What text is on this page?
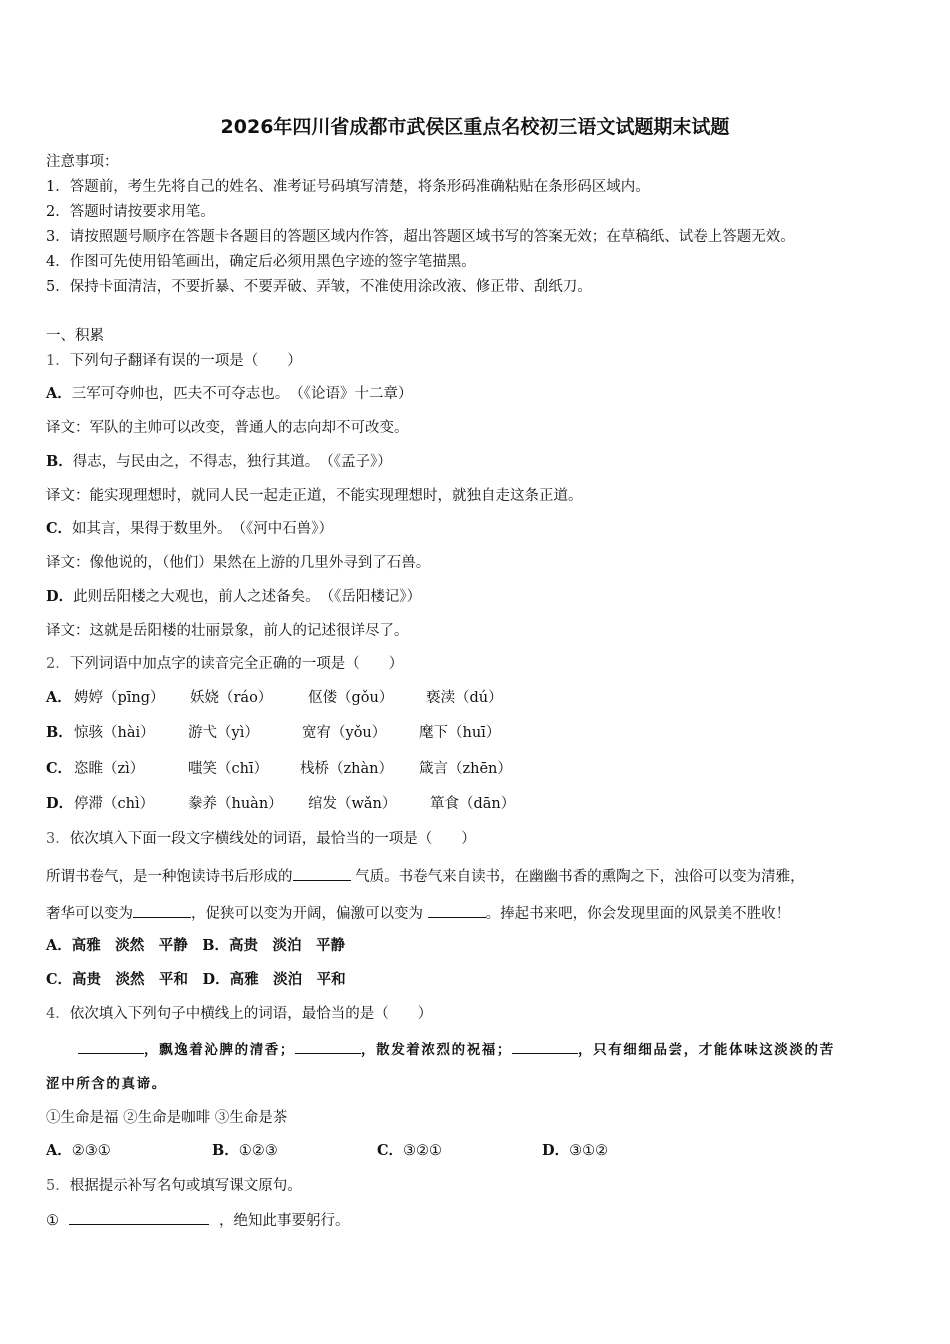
2026年四川省成都市武侯区重点名校初三语文试题期末试题
注意事项：
1．答题前，考生先将自己的姓名、准考证号码填写清楚，将条形码准确粘贴在条形码区域内。
2．答题时请按要求用笔。
3．请按照题号顺序在答题卡各题目的答题区域内作答，超出答题区域书写的答案无效；在草稿纸、试卷上答题无效。
4．作图可先使用铅笔画出，确定后必须用黑色字迹的签字笔描黑。
5．保持卡面清洁，不要折暴、不要弄破、弄皱，不准使用涂改液、修正带、刮纸刀。
一、积累
1．下列句子翻译有误的一项是（　　）
A．三军可夺帅也，匹夫不可夺志也。　（《论语》十二章）
译文：军队的主帅可以改变，普通人的志向却不可改变。
B．得志，与民由之，不得志，独行其道。　（《孟子》）
译文：能实现理想时，就同人民一起走正道，不能实现理想时，就独自走这条正道。
C．如其言，果得于数里外。　（《河中石兽》）
译文：像他说的，（他们）果然在上游的几里外寻到了石兽。
D．此则岳阳楼之大观也，前人之述备矣。　（《岳阳楼记》）
译文：这就是岳阳楼的壮丽景象，前人的记述很详尽了。
2．下列词语中加点字的读音完全正确的一项是（　　）
A． 娉婷（pīng） 妖娆（ráo） 伛偻（gǒu） 亵渎（dú）
B． 惊骇（hài） 游弋（yì）	宽宥（yǒu） 麾下（huī）
C． 恣睢（zì）	嗤笑（chī） 栈桥（zhàn） 箴言（zhēn）
D． 停滞（chì） 豢养（huàn） 绾发（wǎn） 箪食（dān）
3．依次填入下面一段文字横线处的词语，最恰当的一项是（　　）
所谓书卷气，是一种饱读诗书后形成的	气质。书卷气来自读书，在幽幽书香的熏陶之下，浊俗可以变为清雅，
奢华可以变为	，促狭可以变为开阔，偏激可以变为	。捧起书来吧，你会发现里面的风景美不胜收！
A．高雅　淡然　平静　B．高贵　淡泊　平静
C．高贵　淡然　平和　D．高雅　淡泊　平和
4．依次填入下列句子中横线上的词语，最恰当的是（　　）
，飘逸着沁脾的清香；	，散发着浓烈的祝福；	，只有细细品尝，才能体味这淡淡的苦
涩中所含的真谛。
①生命是福 ②生命是咖啡 ③生命是茶
A．②③①	B．①②③	C．③②①	D．③①②
5．根据提示补写名句或填写课文原句。
①	，绝知此事要躬行。
